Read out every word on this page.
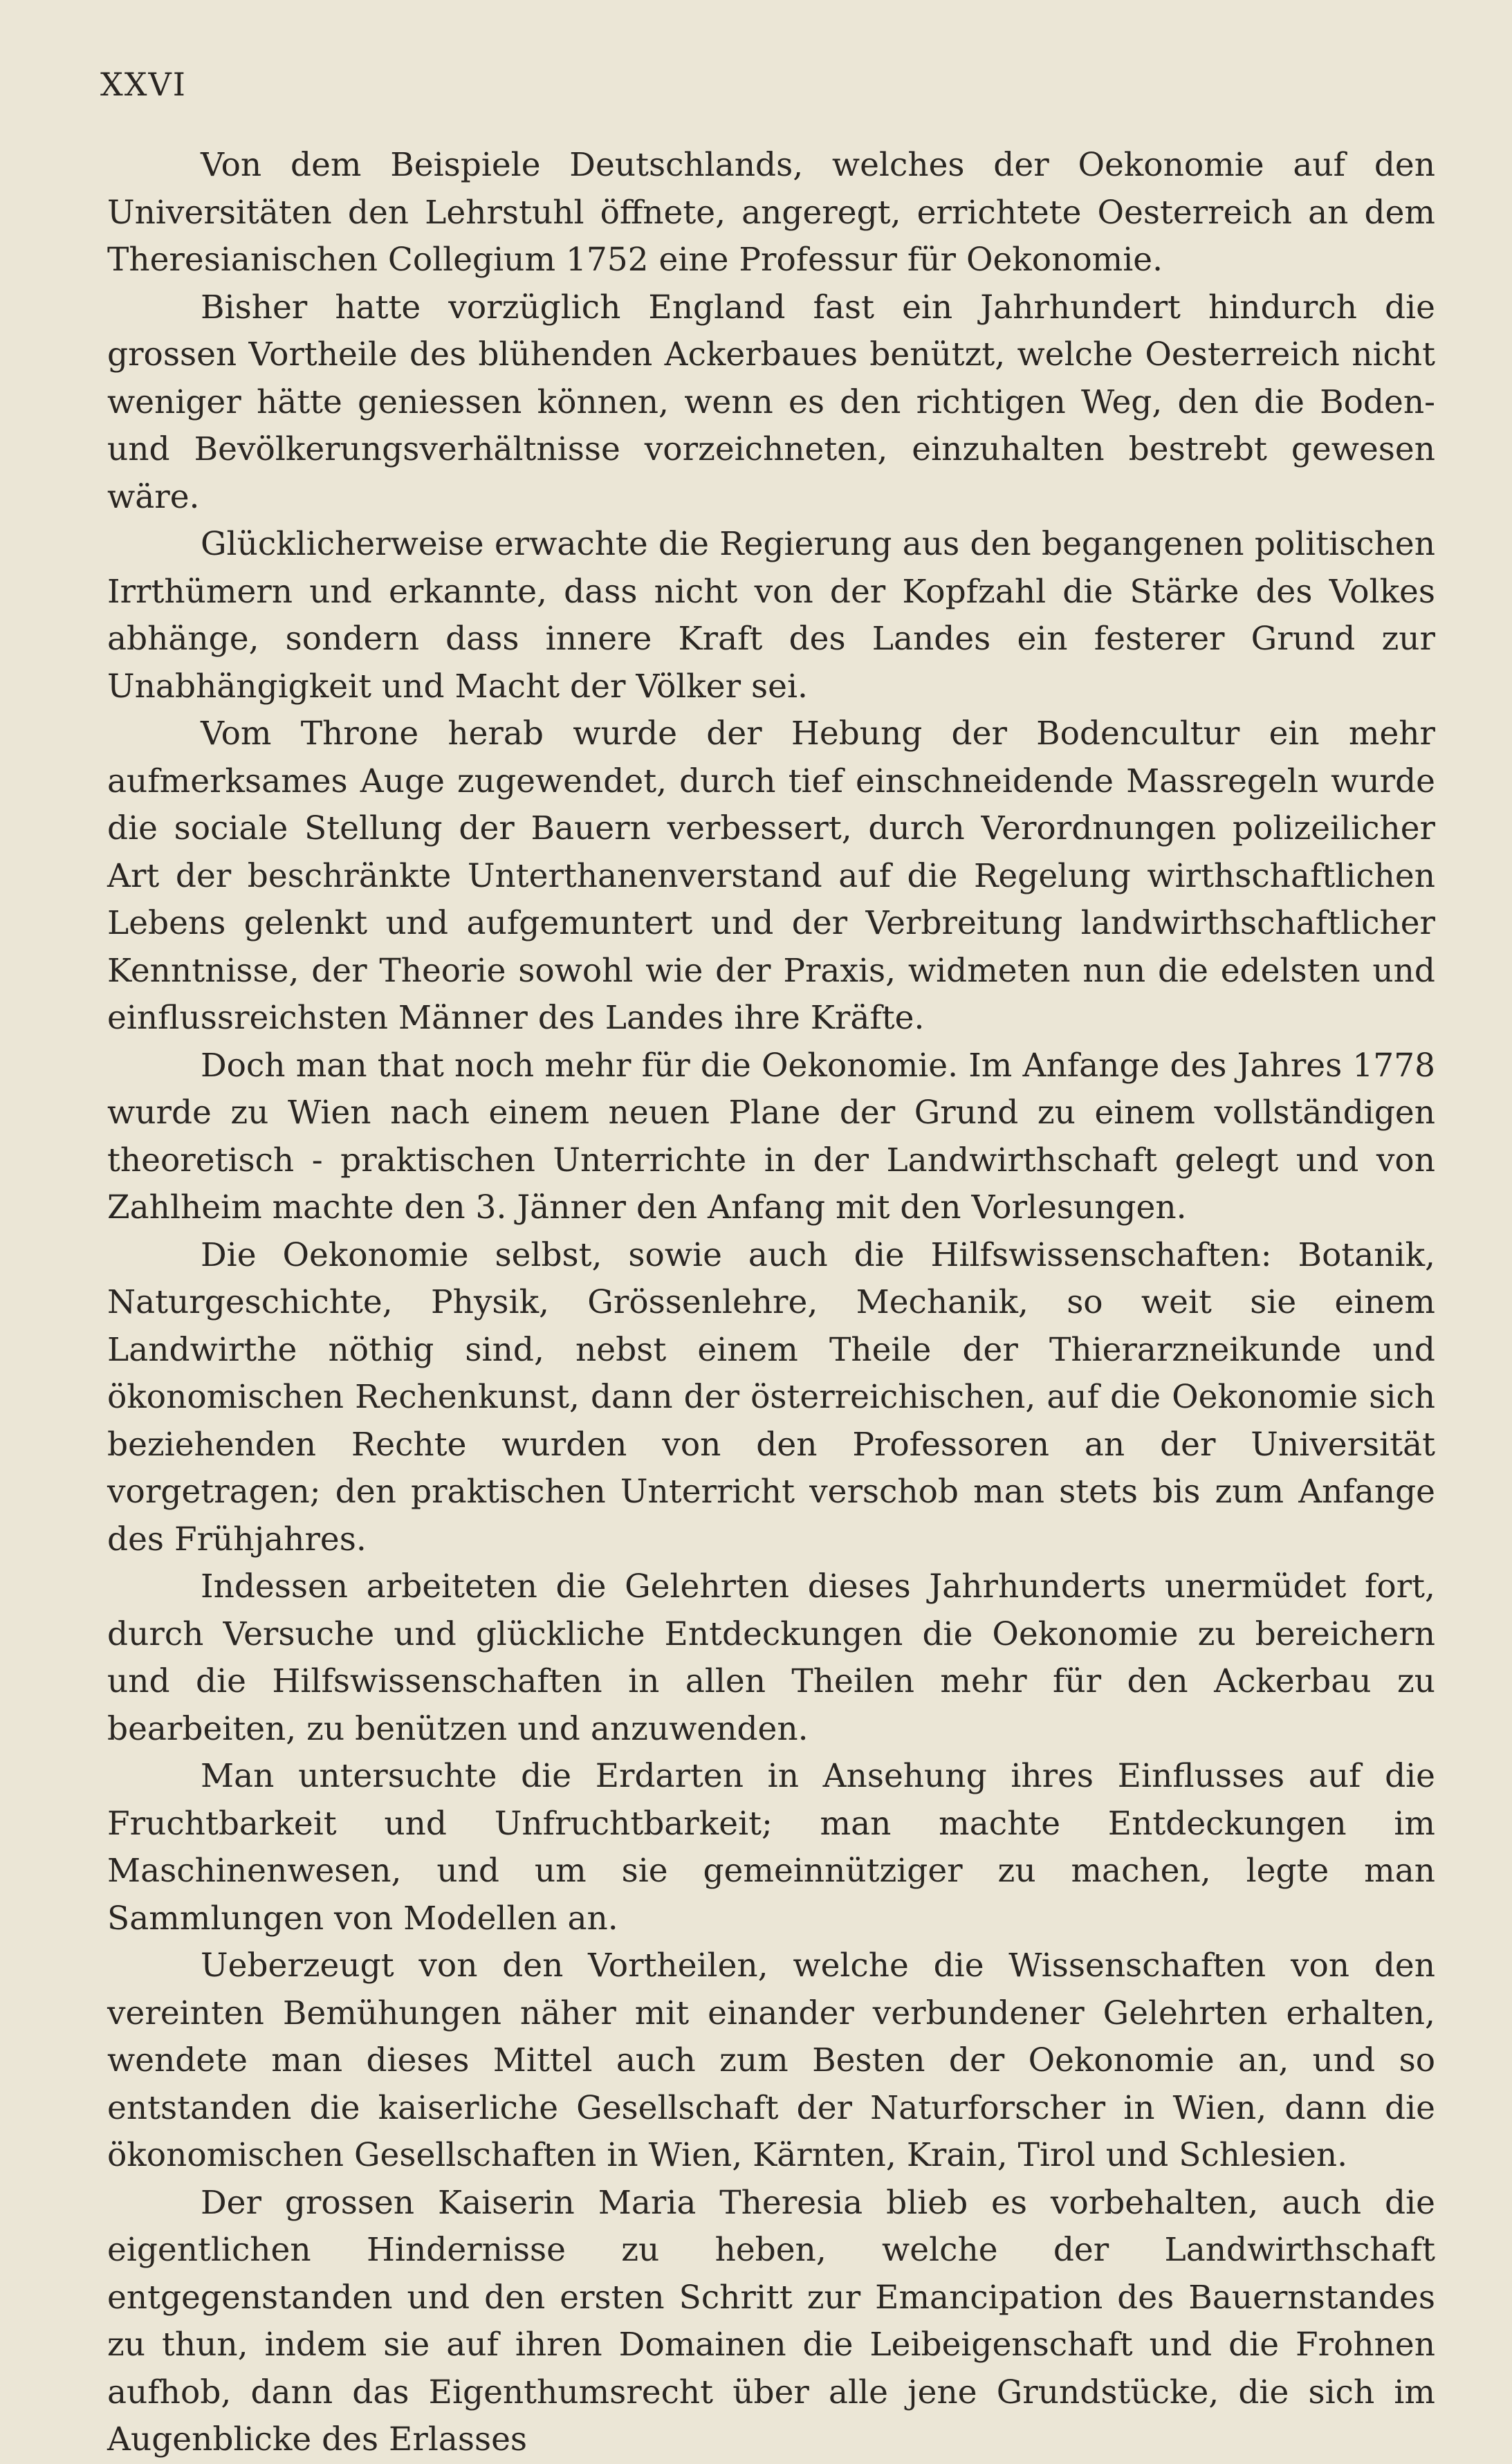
XXVI

Von dem Beispiele Deutschlands, welches der Oekonomie auf den Universitäten den Lehrstuhl öffnete, angeregt, errichtete Oesterreich an dem Theresianischen Collegium 1752 eine Professur für Oekonomie.

Bisher hatte vorzüglich England fast ein Jahrhundert hindurch die grossen Vortheile des blühenden Ackerbaues benützt, welche Oesterreich nicht weniger hätte geniessen können, wenn es den richtigen Weg, den die Boden- und Bevölkerungsverhältnisse vorzeichneten, einzuhalten bestrebt gewesen wäre.

Glücklicherweise erwachte die Regierung aus den begangenen politischen Irrthümern und erkannte, dass nicht von der Kopfzahl die Stärke des Volkes abhänge, sondern dass innere Kraft des Landes ein festerer Grund zur Unabhängigkeit und Macht der Völker sei.

Vom Throne herab wurde der Hebung der Bodencultur ein mehr aufmerksames Auge zugewendet, durch tief einschneidende Massregeln wurde die sociale Stellung der Bauern verbessert, durch Verordnungen polizeilicher Art der beschränkte Unterthanenverstand auf die Regelung wirthschaftlichen Lebens gelenkt und aufgemuntert und der Verbreitung landwirthschaftlicher Kenntnisse, der Theorie sowohl wie der Praxis, widmeten nun die edelsten und einflussreichsten Männer des Landes ihre Kräfte.

Doch man that noch mehr für die Oekonomie. Im Anfange des Jahres 1778 wurde zu Wien nach einem neuen Plane der Grund zu einem vollständigen theoretisch - praktischen Unterrichte in der Landwirthschaft gelegt und von Zahlheim machte den 3. Jänner den Anfang mit den Vorlesungen.

Die Oekonomie selbst, sowie auch die Hilfswissenschaften: Botanik, Naturgeschichte, Physik, Grössenlehre, Mechanik, so weit sie einem Landwirthe nöthig sind, nebst einem Theile der Thierarzneikunde und ökonomischen Rechenkunst, dann der österreichischen, auf die Oekonomie sich beziehenden Rechte wurden von den Professoren an der Universität vorgetragen; den praktischen Unterricht verschob man stets bis zum Anfange des Frühjahres.

Indessen arbeiteten die Gelehrten dieses Jahrhunderts unermüdet fort, durch Versuche und glückliche Entdeckungen die Oekonomie zu bereichern und die Hilfswissenschaften in allen Theilen mehr für den Ackerbau zu bearbeiten, zu benützen und anzuwenden.

Man untersuchte die Erdarten in Ansehung ihres Einflusses auf die Fruchtbarkeit und Unfruchtbarkeit; man machte Entdeckungen im Maschinenwesen, und um sie gemeinnütziger zu machen, legte man Sammlungen von Modellen an.

Ueberzeugt von den Vortheilen, welche die Wissenschaften von den vereinten Bemühungen näher mit einander verbundener Gelehrten erhalten, wendete man dieses Mittel auch zum Besten der Oekonomie an, und so entstanden die kaiserliche Gesellschaft der Naturforscher in Wien, dann die ökonomischen Gesellschaften in Wien, Kärnten, Krain, Tirol und Schlesien.

Der grossen Kaiserin Maria Theresia blieb es vorbehalten, auch die eigentlichen Hindernisse zu heben, welche der Landwirthschaft entgegenstanden und den ersten Schritt zur Emancipation des Bauernstandes zu thun, indem sie auf ihren Domainen die Leibeigenschaft und die Frohnen aufhob, dann das Eigenthumsrecht über alle jene Grundstücke, die sich im Augenblicke des Erlasses
